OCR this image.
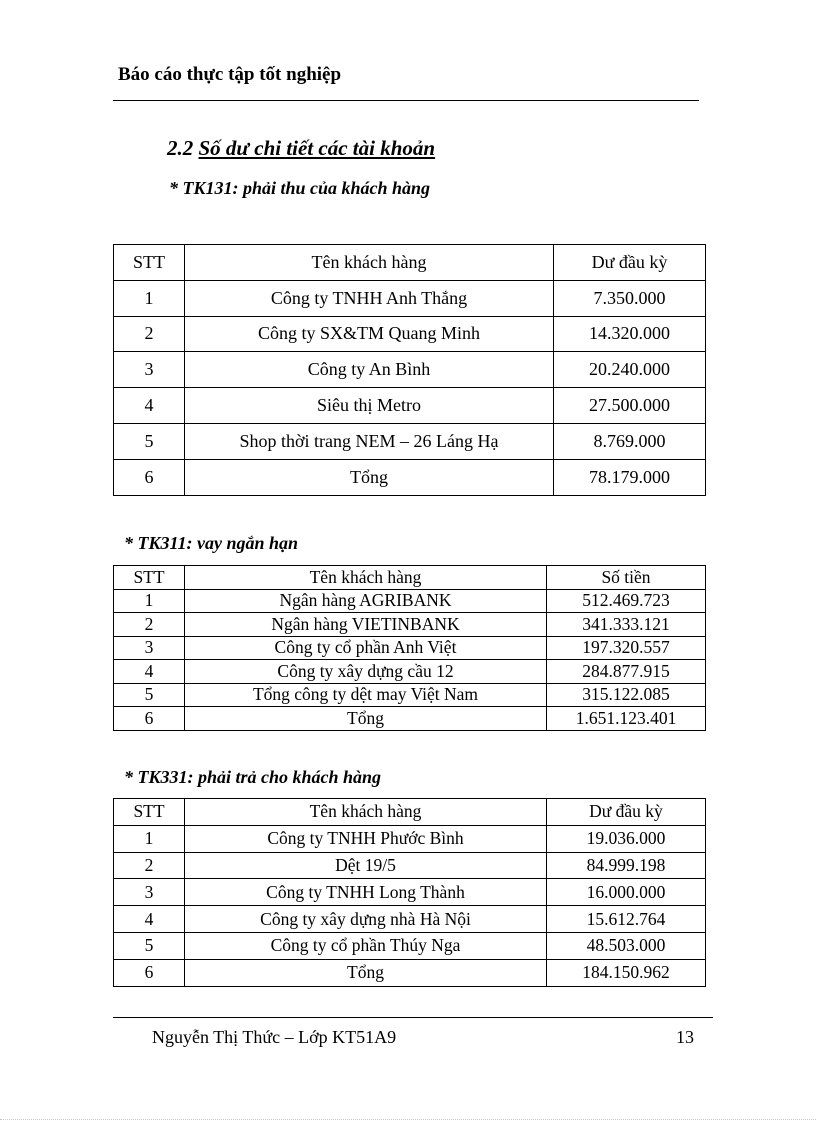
Báo cáo thực tập tốt nghiệp
2.2 Số dư chi tiết các tài khoản
* TK131: phải thu của khách hàng
STT	Tên khách hàng	Dư đầu kỳ
1	Công ty TNHH Anh Thắng	7.350.000
2	Công ty SX&TM Quang Minh	14.320.000
3	Công ty An Bình	20.240.000
4	Siêu thị Metro	27.500.000
5	Shop thời trang NEM – 26 Láng Hạ	8.769.000
6	Tổng	78.179.000
* TK311: vay ngắn hạn
STT	Tên khách hàng	Số tiền
1	Ngân hàng AGRIBANK	512.469.723
2	Ngân hàng VIETINBANK	341.333.121
3	Công ty cổ phần Anh Việt	197.320.557
4	Công ty xây dựng cầu 12	284.877.915
5	Tổng công ty dệt may Việt Nam	315.122.085
6	Tổng	1.651.123.401
* TK331: phải trả cho khách hàng
STT	Tên khách hàng	Dư đầu kỳ
1	Công ty TNHH Phước Bình	19.036.000
2	Dệt 19/5	84.999.198
3	Công ty TNHH Long Thành	16.000.000
4	Công ty xây dựng nhà Hà Nội	15.612.764
5	Công ty cổ phần Thúy Nga	48.503.000
6	Tổng	184.150.962
Nguyễn Thị Thức – Lớp KT51A9	13
